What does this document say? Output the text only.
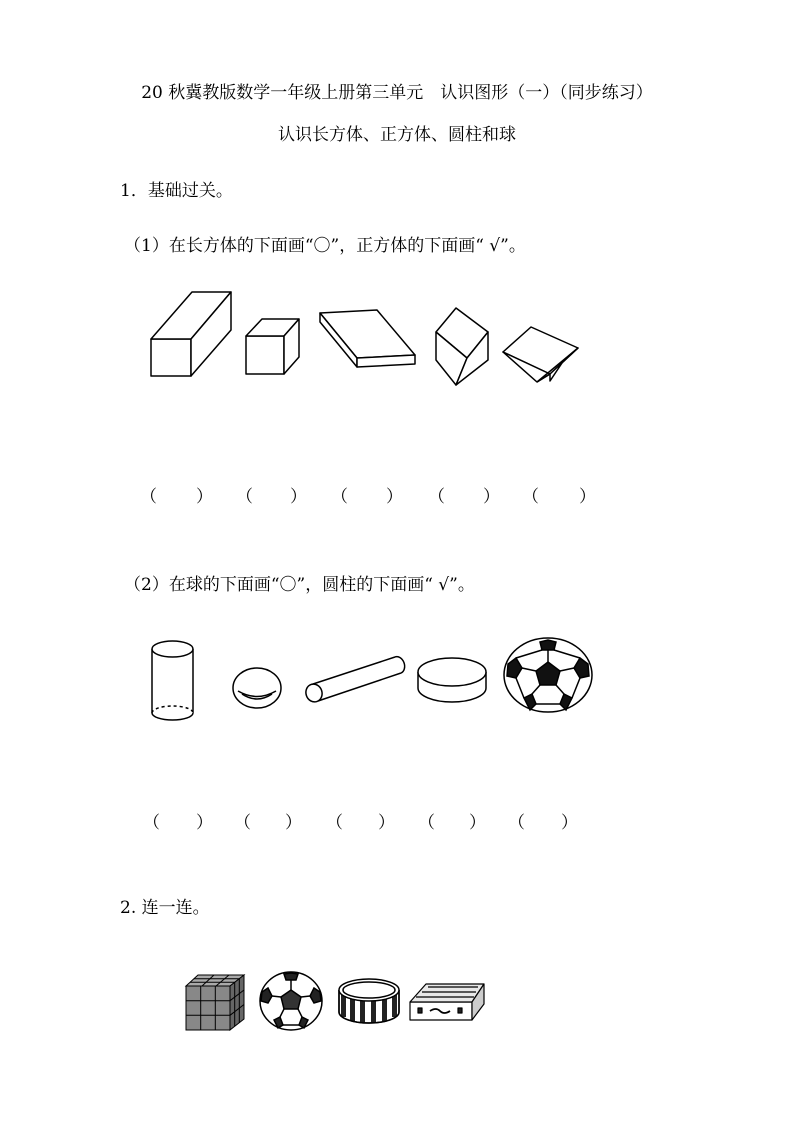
20 秋冀教版数学一年级上册第三单元　认识图形（一）（同步练习）
认识长方体、正方体、圆柱和球
1．基础过关。
（1）在长方体的下面画“〇”，正方体的下面画“ √”。
（ ） （ ） （ ） （ ） （ ）
（2）在球的下面画“〇”，圆柱的下面画“ √”。
（ ） （ ） （ ） （ ） （ ）
2. 连一连。
